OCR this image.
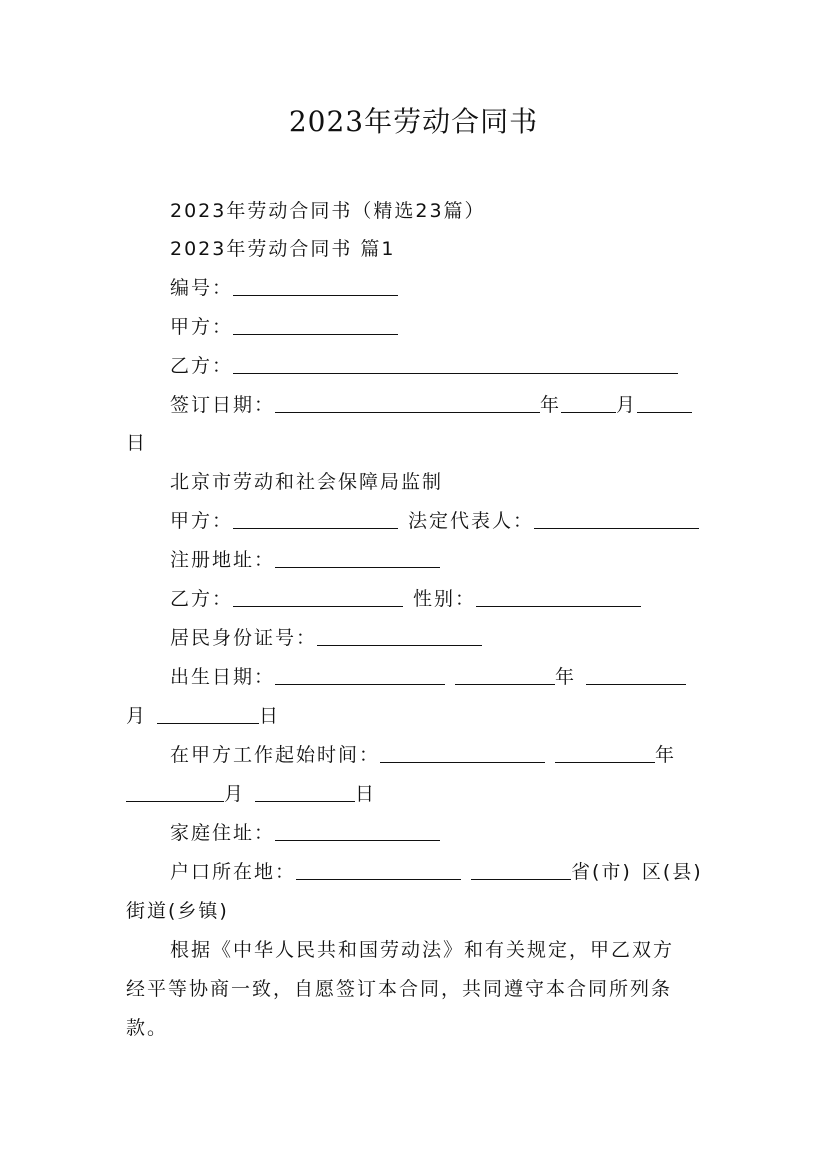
2023年劳动合同书
2023年劳动合同书（精选23篇）
2023年劳动合同书 篇1
编号：
甲方：
乙方：
签订日期：	年	月
日
北京市劳动和社会保障局监制
甲方：	法定代表人：
注册地址：
乙方：	性别：
居民身份证号：
出生日期：	年
月	日
在甲方工作起始时间：	年
月	日
家庭住址：
户口所在地：	省(市) 区(县)
街道(乡镇)
根据《中华人民共和国劳动法》和有关规定，甲乙双方
经平等协商一致，自愿签订本合同，共同遵守本合同所列条
款。
